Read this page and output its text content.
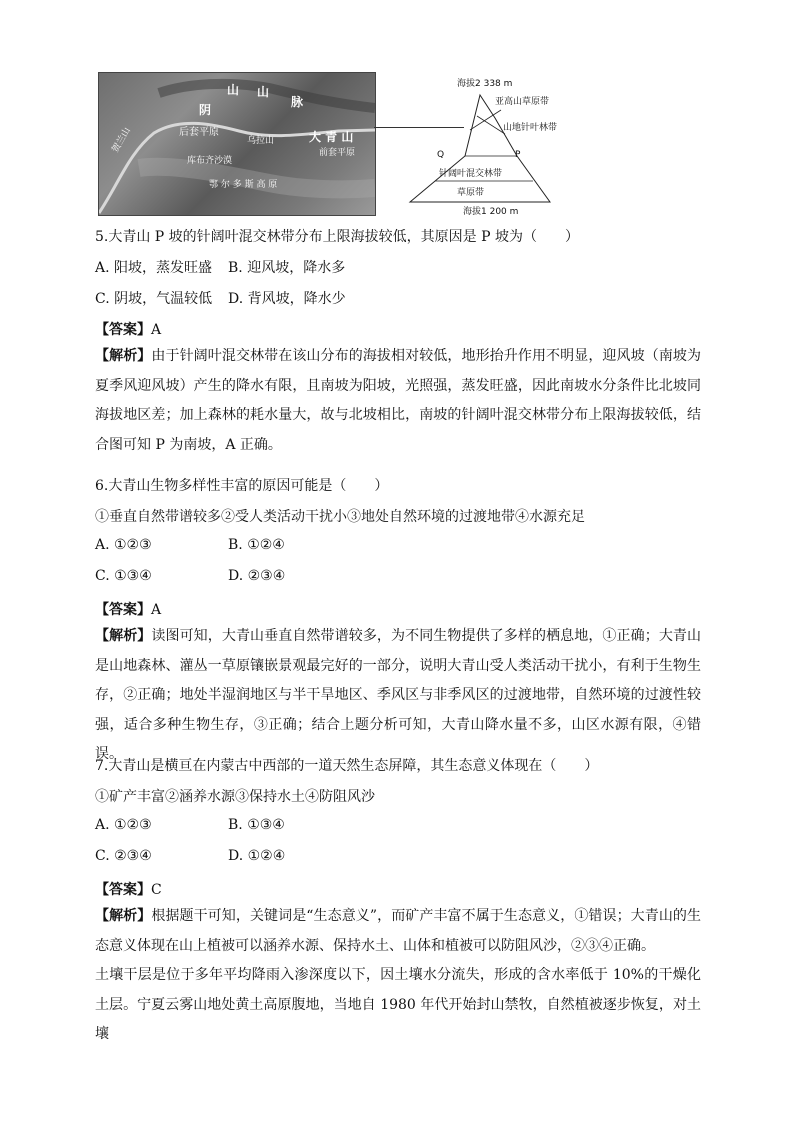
阴
山 山
脉
大 青 山
后套平原
乌拉山
前套平原
库布齐沙漠
鄂 尔 多 斯 高 原
贺兰山
海拔2 338 m
亚高山草原带
山地针叶林带
针阔叶混交林带
草原带
海拔1 200 m
Q	P
5.大青山 P 坡的针阔叶混交林带分布上限海拔较低，其原因是 P 坡为（　　）
A. 阳坡，蒸发旺盛 B. 迎风坡，降水多
C. 阴坡，气温较低 D. 背风坡，降水少
【答案】A
【解析】由于针阔叶混交林带在该山分布的海拔相对较低，地形抬升作用不明显，迎风坡（南坡为夏季风迎风坡）产生的降水有限，且南坡为阳坡，光照强，蒸发旺盛，因此南坡水分条件比北坡同海拔地区差；加上森林的耗水量大，故与北坡相比，南坡的针阔叶混交林带分布上限海拔较低，结合图可知 P 为南坡，A 正确。
6.大青山生物多样性丰富的原因可能是（　　）
①垂直自然带谱较多②受人类活动干扰小③地处自然环境的过渡地带④水源充足
A. ①②③	B. ①②④
C. ①③④	D. ②③④
【答案】A
【解析】读图可知，大青山垂直自然带谱较多，为不同生物提供了多样的栖息地，①正确；大青山是山地森林、灌丛一草原镶嵌景观最完好的一部分，说明大青山受人类活动干扰小，有利于生物生存，②正确；地处半湿润地区与半干旱地区、季风区与非季风区的过渡地带，自然环境的过渡性较强，适合多种生物生存，③正确；结合上题分析可知，大青山降水量不多，山区水源有限，④错误。
7.大青山是横亘在内蒙古中西部的一道天然生态屏障，其生态意义体现在（　　）
①矿产丰富②涵养水源③保持水土④防阻风沙
A. ①②③	B. ①③④
C. ②③④	D. ①②④
【答案】C
【解析】根据题干可知，关键词是“生态意义”，而矿产丰富不属于生态意义，①错误；大青山的生态意义体现在山上植被可以涵养水源、保持水土、山体和植被可以防阻风沙，②③④正确。
土壤干层是位于多年平均降雨入渗深度以下，因土壤水分流失，形成的含水率低于 10%的干燥化土层。宁夏云雾山地处黄土高原腹地，当地自 1980 年代开始封山禁牧，自然植被逐步恢复，对土壤
